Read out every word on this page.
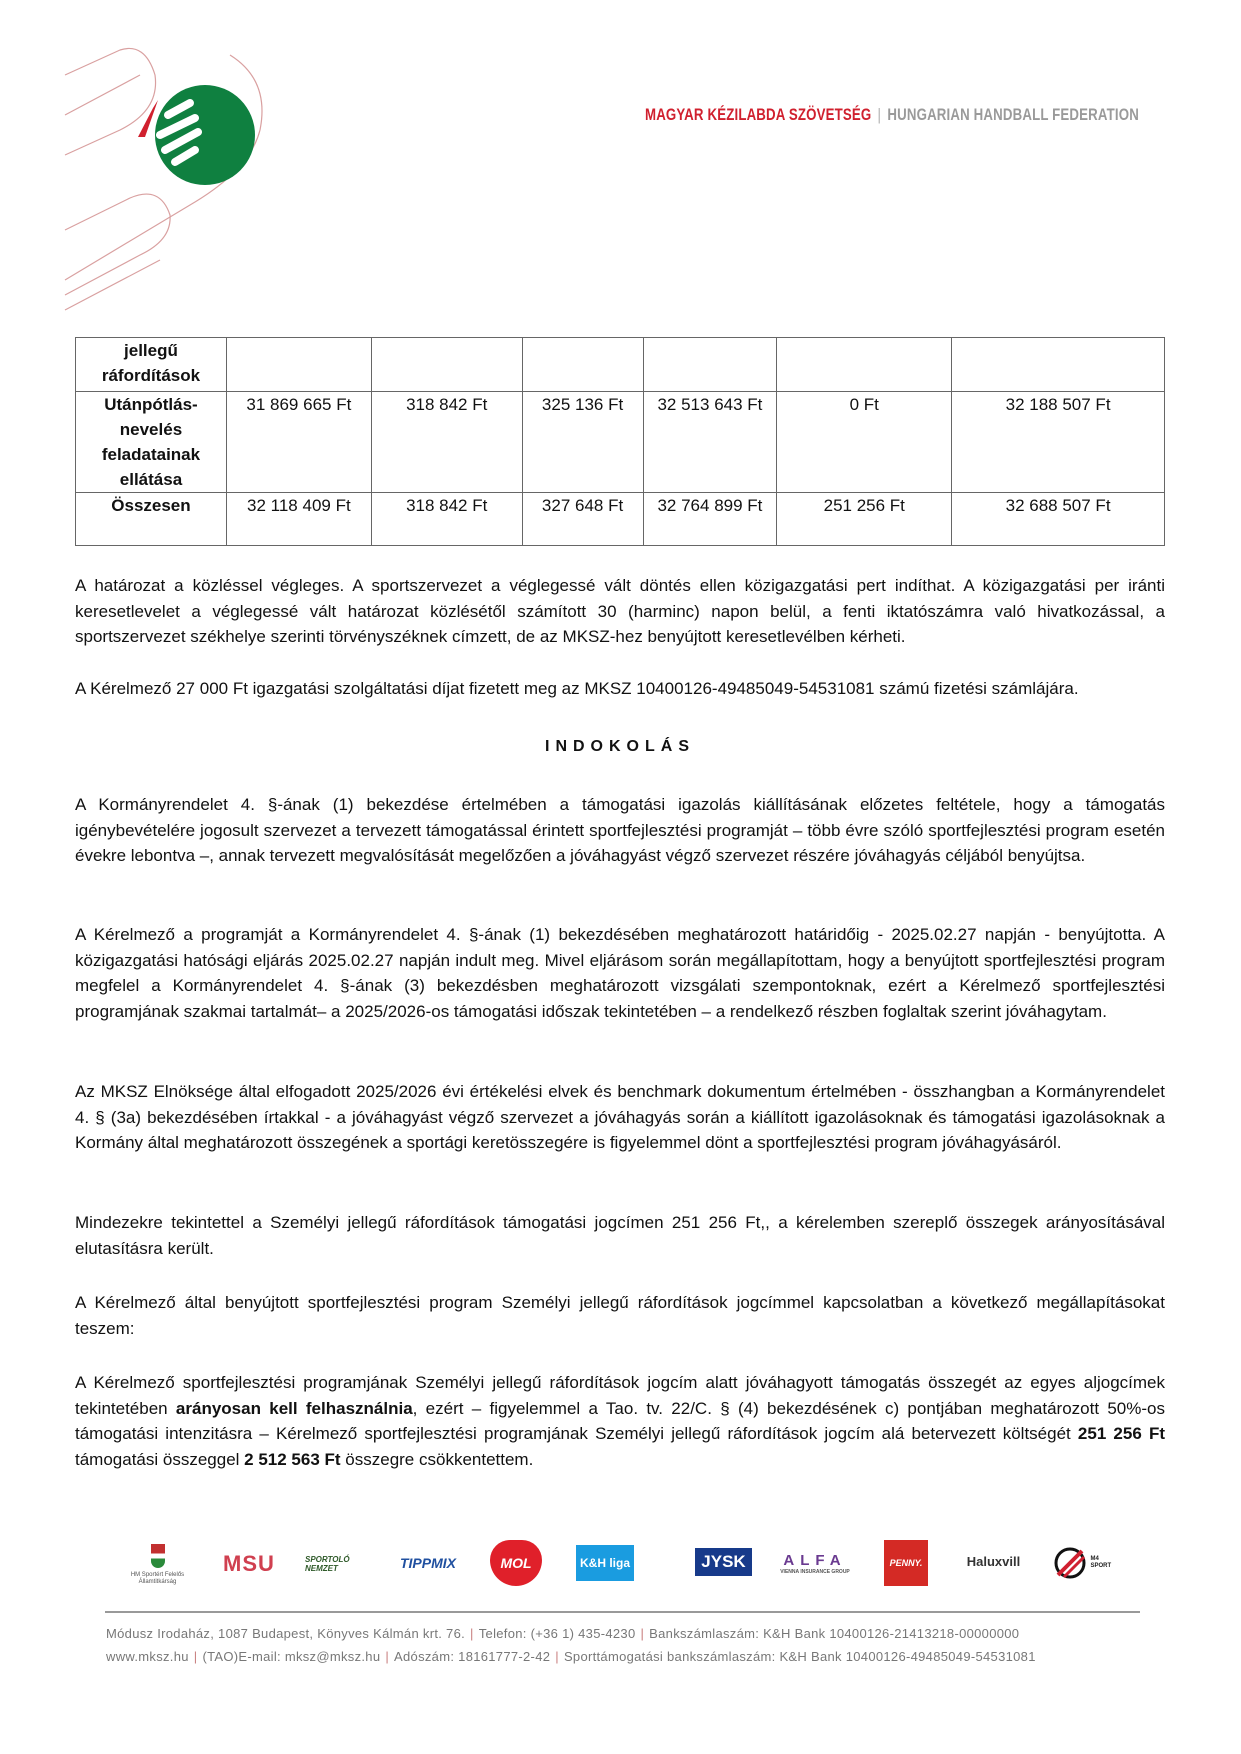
MAGYAR KÉZILABDA SZÖVETSÉG | HUNGARIAN HANDBALL FEDERATION
jellegű ráfordítások						
Utánpótlás-nevelés feladatainak ellátása	31 869 665 Ft	318 842 Ft	325 136 Ft	32 513 643 Ft	0 Ft	32 188 507 Ft
Összesen	32 118 409 Ft	318 842 Ft	327 648 Ft	32 764 899 Ft	251 256 Ft	32 688 507 Ft

A határozat a közléssel végleges. A sportszervezet a véglegessé vált döntés ellen közigazgatási pert indíthat. A közigazgatási per iránti keresetlevelet a véglegessé vált határozat közlésétől számított 30 (harminc) napon belül, a fenti iktatószámra való hivatkozással, a sportszervezet székhelye szerinti törvényszéknek címzett, de az MKSZ-hez benyújtott keresetlevélben kérheti.

A Kérelmező 27 000 Ft igazgatási szolgáltatási díjat fizetett meg az MKSZ 10400126-49485049-54531081 számú fizetési számlájára.

INDOKOLÁS

A Kormányrendelet 4. §-ának (1) bekezdése értelmében a támogatási igazolás kiállításának előzetes feltétele, hogy a támogatás igénybevételére jogosult szervezet a tervezett támogatással érintett sportfejlesztési programját – több évre szóló sportfejlesztési program esetén évekre lebontva –, annak tervezett megvalósítását megelőzően a jóváhagyást végző szervezet részére jóváhagyás céljából benyújtsa.

A Kérelmező a programját a Kormányrendelet 4. §-ának (1) bekezdésében meghatározott határidőig - 2025.02.27 napján - benyújtotta. A közigazgatási hatósági eljárás 2025.02.27 napján indult meg. Mivel eljárásom során megállapítottam, hogy a benyújtott sportfejlesztési program megfelel a Kormányrendelet 4. §-ának (3) bekezdésben meghatározott vizsgálati szempontoknak, ezért a Kérelmező sportfejlesztési programjának szakmai tartalmát– a 2025/2026-os támogatási időszak tekintetében – a rendelkező részben foglaltak szerint jóváhagytam.

Az MKSZ Elnöksége által elfogadott 2025/2026 évi értékelési elvek és benchmark dokumentum értelmében - összhangban a Kormányrendelet 4. § (3a) bekezdésében írtakkal - a jóváhagyást végző szervezet a jóváhagyás során a kiállított igazolásoknak és támogatási igazolásoknak a Kormány által meghatározott összegének a sportági keretösszegére is figyelemmel dönt a sportfejlesztési program jóváhagyásáról.

Mindezekre tekintettel a Személyi jellegű ráfordítások támogatási jogcímen 251 256 Ft,, a kérelemben szereplő összegek arányosításával elutasításra került.

A Kérelmező által benyújtott sportfejlesztési program Személyi jellegű ráfordítások jogcímmel kapcsolatban a következő megállapításokat teszem:

A Kérelmező sportfejlesztési programjának Személyi jellegű ráfordítások jogcím alatt jóváhagyott támogatás összegét az egyes aljogcímek tekintetében arányosan kell felhasználnia, ezért – figyelemmel a Tao. tv. 22/C. § (4) bekezdésének c) pontjában meghatározott 50%-os támogatási intenzitásra – Kérelmező sportfejlesztési programjának Személyi jellegű ráfordítások jogcím alá betervezett költségét 251 256 Ft támogatási összeggel 2 512 563 Ft összegre csökkentettem.

HM Sportért Felelős Államtitkárság
MSU	SPORTOLÓ NEMZET	TIPPMIX	MOL	K&H liga	JYSK	ALFA
VIENNA INSURANCE GROUP
PENNY.	Haluxvill	M4 SPORT
Módusz Irodaház, 1087 Budapest, Könyves Kálmán krt. 76. | Telefon: (+36 1) 435-4230 | Bankszámlaszám: K&H Bank 10400126-21413218-00000000
www.mksz.hu | (TAO)E-mail: mksz@mksz.hu | Adószám: 18161777-2-42 | Sporttámogatási bankszámlaszám: K&H Bank 10400126-49485049-54531081
